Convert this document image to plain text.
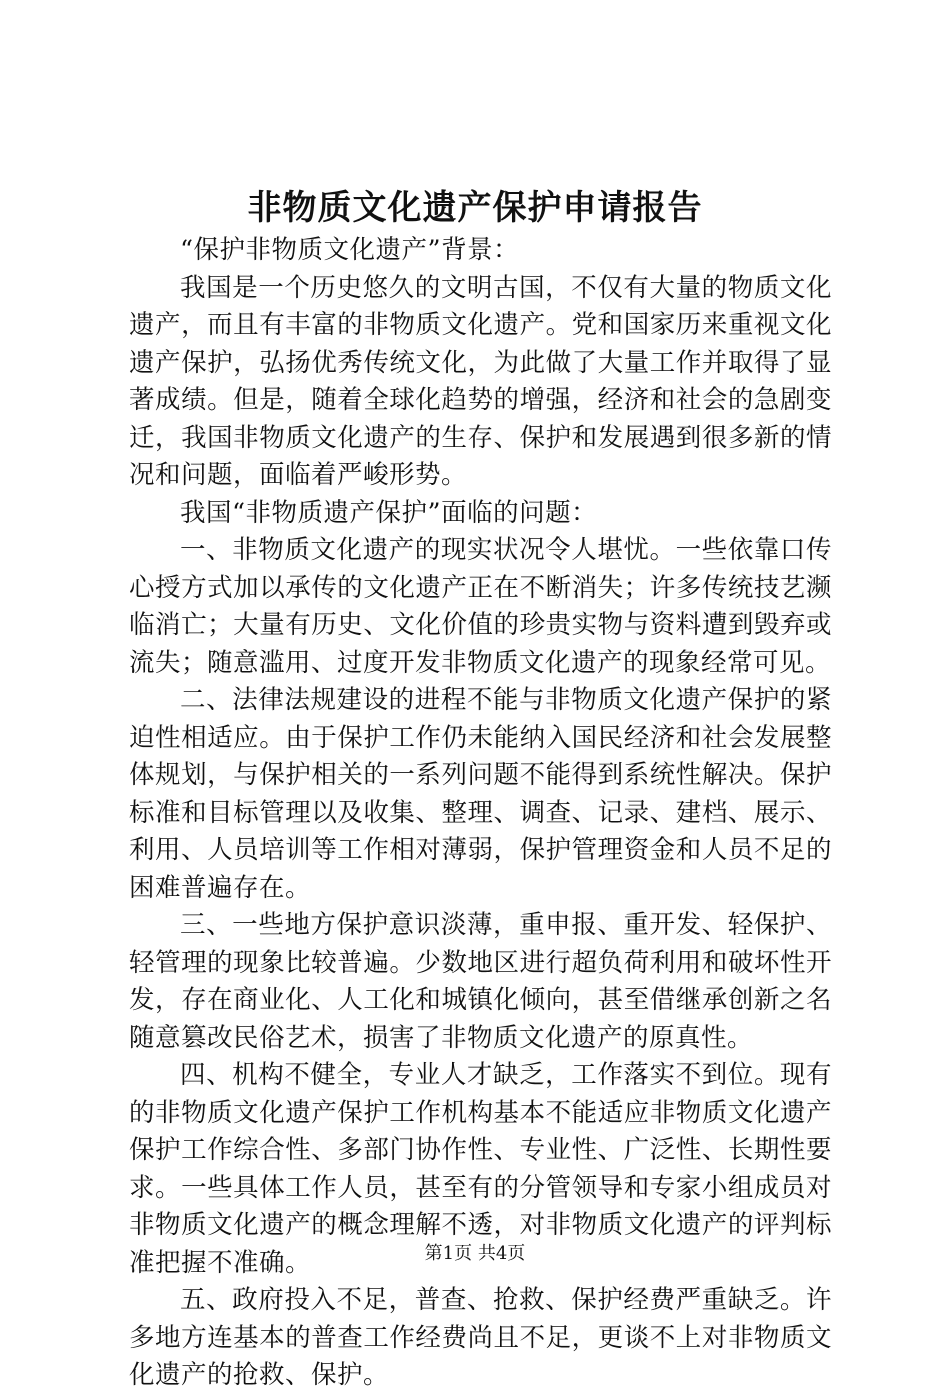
非物质文化遗产保护申请报告

“保护非物质文化遗产”背景：

我国是一个历史悠久的文明古国，不仅有大量的物质文化遗产，而且有丰富的非物质文化遗产。党和国家历来重视文化遗产保护，弘扬优秀传统文化，为此做了大量工作并取得了显著成绩。但是，随着全球化趋势的增强，经济和社会的急剧变迁，我国非物质文化遗产的生存、保护和发展遇到很多新的情况和问题，面临着严峻形势。

我国“非物质遗产保护”面临的问题：

一、非物质文化遗产的现实状况令人堪忧。一些依靠口传心授方式加以承传的文化遗产正在不断消失；许多传统技艺濒临消亡；大量有历史、文化价值的珍贵实物与资料遭到毁弃或流失；随意滥用、过度开发非物质文化遗产的现象经常可见。

二、法律法规建设的进程不能与非物质文化遗产保护的紧迫性相适应。由于保护工作仍未能纳入国民经济和社会发展整体规划，与保护相关的一系列问题不能得到系统性解决。保护标准和目标管理以及收集、整理、调查、记录、建档、展示、利用、人员培训等工作相对薄弱，保护管理资金和人员不足的困难普遍存在。

三、一些地方保护意识淡薄，重申报、重开发、轻保护、轻管理的现象比较普遍。少数地区进行超负荷利用和破坏性开发，存在商业化、人工化和城镇化倾向，甚至借继承创新之名随意篡改民俗艺术，损害了非物质文化遗产的原真性。

四、机构不健全，专业人才缺乏，工作落实不到位。现有的非物质文化遗产保护工作机构基本不能适应非物质文化遗产保护工作综合性、多部门协作性、专业性、广泛性、长期性要求。一些具体工作人员，甚至有的分管领导和专家小组成员对非物质文化遗产的概念理解不透，对非物质文化遗产的评判标准把握不准确。

五、政府投入不足，普查、抢救、保护经费严重缺乏。许多地方连基本的普查工作经费尚且不足，更谈不上对非物质文化遗产的抢救、保护。

第1页 共4页
